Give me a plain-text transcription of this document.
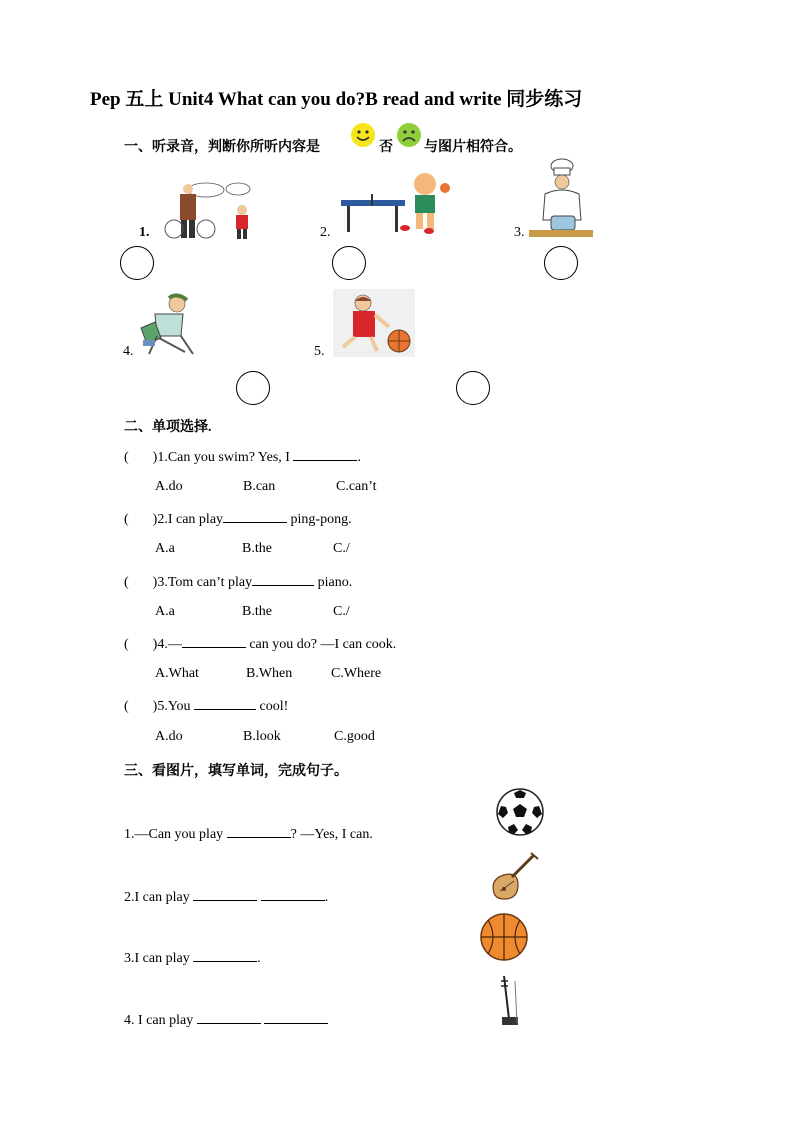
Pep 五上 Unit4 What can you do?B read and write 同步练习
一、听录音，判断你所听内容是	否 与图片相符合。
1.	2.	3.
4.	5.
二、单项选择.
( )1.Can you swim? Yes, I	.
A.do	B.can	C.can’t
( )2.I can play	ping-pong.
A.a	B.the	C./
( )3.Tom can’t play	piano.
A.a	B.the	C./
( )4.—	can you do? —I can cook.
A.What	B.When	C.Where
( )5.You	cool!
A.do	B.look	C.good
三、看图片，填写单词，完成句子。
1.—Can you play	? —Yes, I can.
2.I can play	.
3.I can play	.
4. I can play
